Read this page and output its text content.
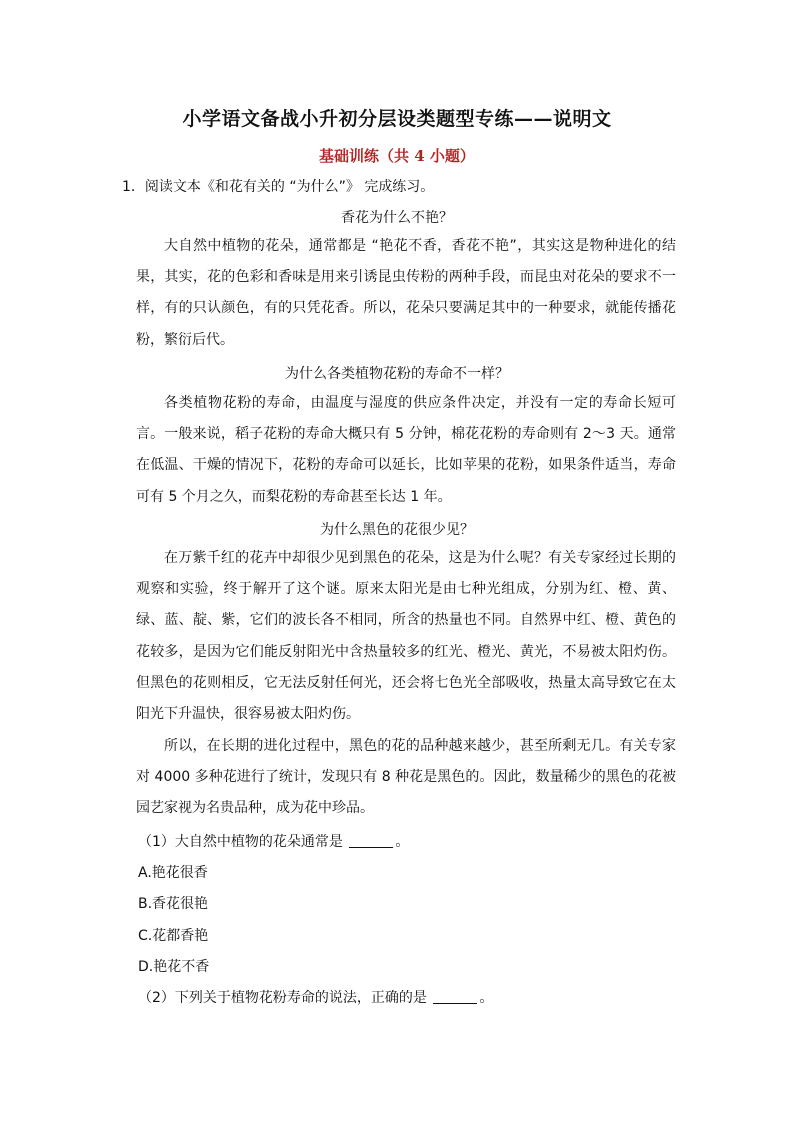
小学语文备战小升初分层设类题型专练——说明文
基础训练（共 4 小题）
1．阅读文本《和花有关的 “为什么”》 完成练习。
香花为什么不艳？

大自然中植物的花朵，通常都是 “艳花不香，香花不艳”，其实这是物种进化的结果，其实，花的色彩和香味是用来引诱昆虫传粉的两种手段，而昆虫对花朵的要求不一样，有的只认颜色，有的只凭花香。所以，花朵只要满足其中的一种要求，就能传播花粉，繁衍后代。

为什么各类植物花粉的寿命不一样？

各类植物花粉的寿命，由温度与湿度的供应条件决定，并没有一定的寿命长短可言。一般来说，稻子花粉的寿命大概只有 5 分钟，棉花花粉的寿命则有 2～3 天。通常在低温、干燥的情况下，花粉的寿命可以延长，比如苹果的花粉，如果条件适当，寿命可有 5 个月之久，而梨花粉的寿命甚至长达 1 年。

为什么黑色的花很少见？

在万紫千红的花卉中却很少见到黑色的花朵，这是为什么呢？有关专家经过长期的观察和实验，终于解开了这个谜。原来太阳光是由七种光组成，分别为红、橙、黄、绿、蓝、靛、紫，它们的波长各不相同，所含的热量也不同。自然界中红、橙、黄色的花较多，是因为它们能反射阳光中含热量较多的红光、橙光、黄光，不易被太阳灼伤。但黑色的花则相反，它无法反射任何光，还会将七色光全部吸收，热量太高导致它在太阳光下升温快，很容易被太阳灼伤。

所以，在长期的进化过程中，黑色的花的品种越来越少，甚至所剩无几。有关专家对 4000 多种花进行了统计，发现只有 8 种花是黑色的。因此，数量稀少的黑色的花被园艺家视为名贵品种，成为花中珍品。

（1）大自然中植物的花朵通常是	。
A.艳花很香
B.香花很艳
C.花都香艳
D.艳花不香
（2）下列关于植物花粉寿命的说法，正确的是	。
